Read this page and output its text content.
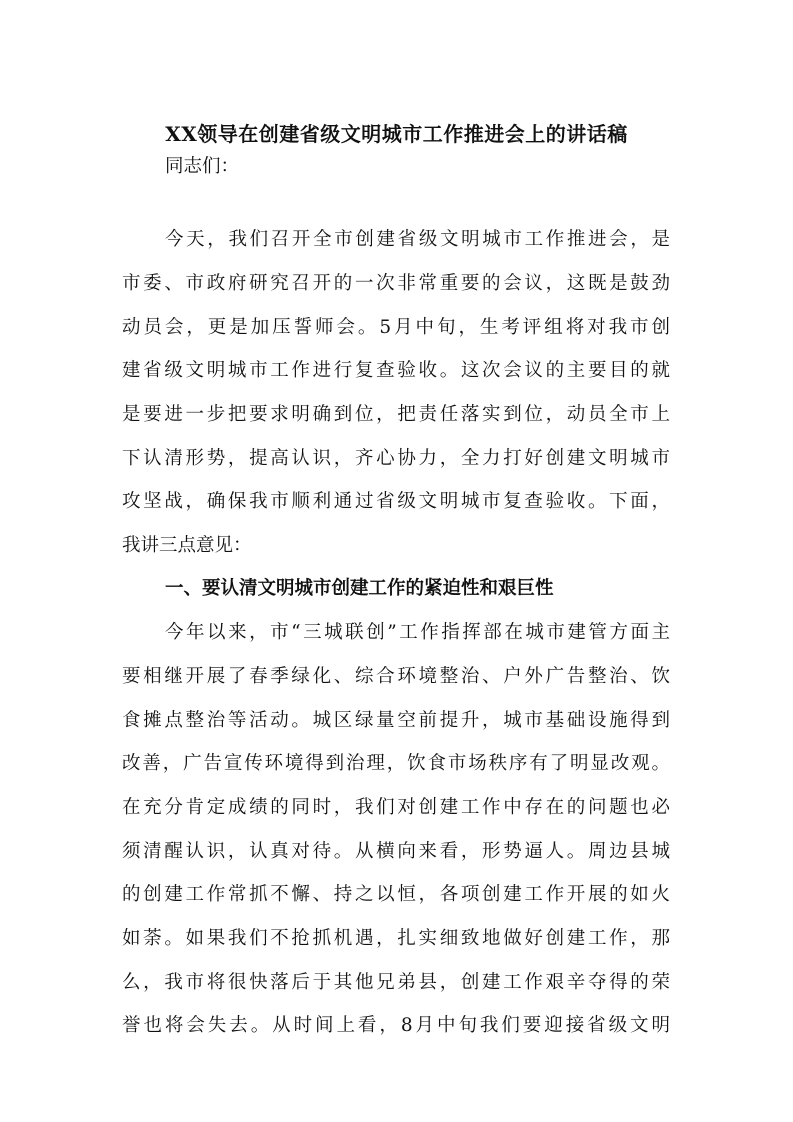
XX领导在创建省级文明城市工作推进会上的讲话稿
同志们：
今天，我们召开全市创建省级文明城市工作推进会，是
市委、市政府研究召开的一次非常重要的会议，这既是鼓劲
动员会，更是加压誓师会。5月中旬，生考评组将对我市创
建省级文明城市工作进行复查验收。这次会议的主要目的就
是要进一步把要求明确到位，把责任落实到位，动员全市上
下认清形势，提高认识，齐心协力，全力打好创建文明城市
攻坚战，确保我市顺利通过省级文明城市复查验收。下面，
我讲三点意见：
一、要认清文明城市创建工作的紧迫性和艰巨性
今年以来，市“三城联创”工作指挥部在城市建管方面主
要相继开展了春季绿化、综合环境整治、户外广告整治、饮
食摊点整治等活动。城区绿量空前提升，城市基础设施得到
改善，广告宣传环境得到治理，饮食市场秩序有了明显改观。
在充分肯定成绩的同时，我们对创建工作中存在的问题也必
须清醒认识，认真对待。从横向来看，形势逼人。周边县城
的创建工作常抓不懈、持之以恒，各项创建工作开展的如火
如荼。如果我们不抢抓机遇，扎实细致地做好创建工作，那
么，我市将很快落后于其他兄弟县，创建工作艰辛夺得的荣
誉也将会失去。从时间上看，8月中旬我们要迎接省级文明
